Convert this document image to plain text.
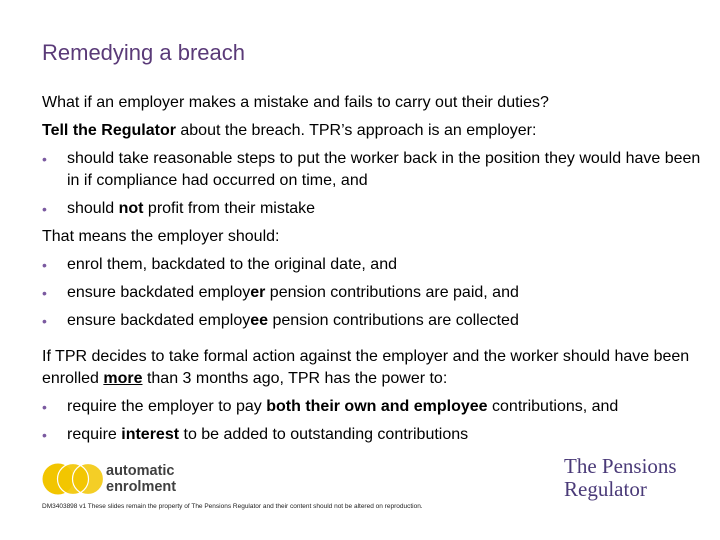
Remedying a breach

What if an employer makes a mistake and fails to carry out their duties?

Tell the Regulator about the breach. TPR’s approach is an employer:

• should take reasonable steps to put the worker back in the position they would have been in if compliance had occurred on time, and
• should not profit from their mistake

That means the employer should:

• enrol them, backdated to the original date, and
• ensure backdated employer pension contributions are paid, and
• ensure backdated employee pension contributions are collected

If TPR decides to take formal action against the employer and the worker should have been enrolled more than 3 months ago, TPR has the power to:

• require the employer to pay both their own and employee contributions, and
• require interest to be added to outstanding contributions
automatic
enrolment
The Pensions
Regulator
DM3403898 v1 These slides remain the property of The Pensions Regulator and their content should not be altered on reproduction.
